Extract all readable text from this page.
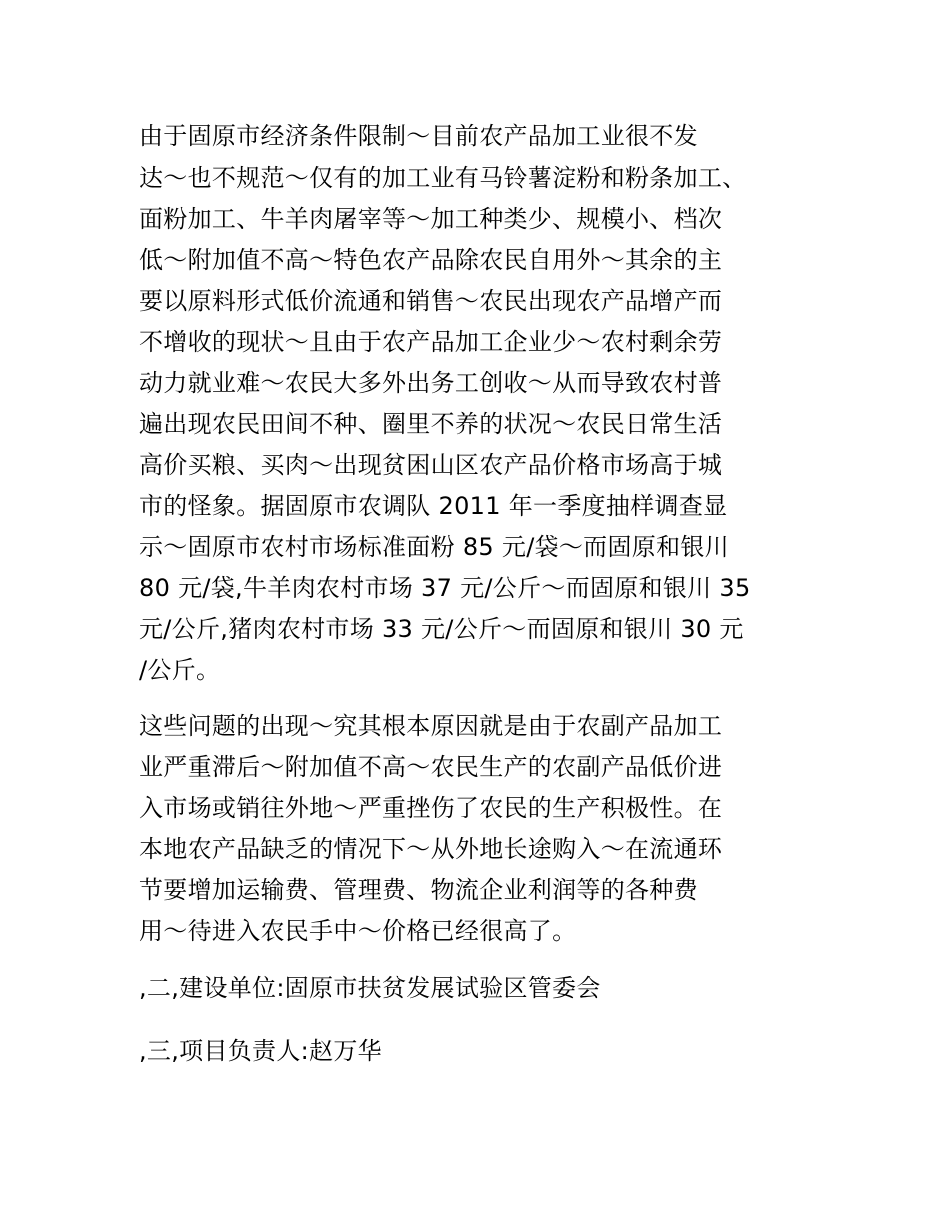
由于固原市经济条件限制～目前农产品加工业很不发

达～也不规范～仅有的加工业有马铃薯淀粉和粉条加工、

面粉加工、牛羊肉屠宰等～加工种类少、规模小、档次

低～附加值不高～特色农产品除农民自用外～其余的主

要以原料形式低价流通和销售～农民出现农产品增产而

不增收的现状～且由于农产品加工企业少～农村剩余劳

动力就业难～农民大多外出务工创收～从而导致农村普

遍出现农民田间不种、圈里不养的状况～农民日常生活

高价买粮、买肉～出现贫困山区农产品价格市场高于城

市的怪象。据固原市农调队 2011 年一季度抽样调查显

示～固原市农村市场标准面粉 85 元/袋～而固原和银川

80 元/袋,牛羊肉农村市场 37 元/公斤～而固原和银川 35

元/公斤,猪肉农村市场 33 元/公斤～而固原和银川 30 元

/公斤。

这些问题的出现～究其根本原因就是由于农副产品加工

业严重滞后～附加值不高～农民生产的农副产品低价进

入市场或销往外地～严重挫伤了农民的生产积极性。在

本地农产品缺乏的情况下～从外地长途购入～在流通环

节要增加运输费、管理费、物流企业利润等的各种费

用～待进入农民手中～价格已经很高了。

,二,建设单位:固原市扶贫发展试验区管委会

,三,项目负责人:赵万华
